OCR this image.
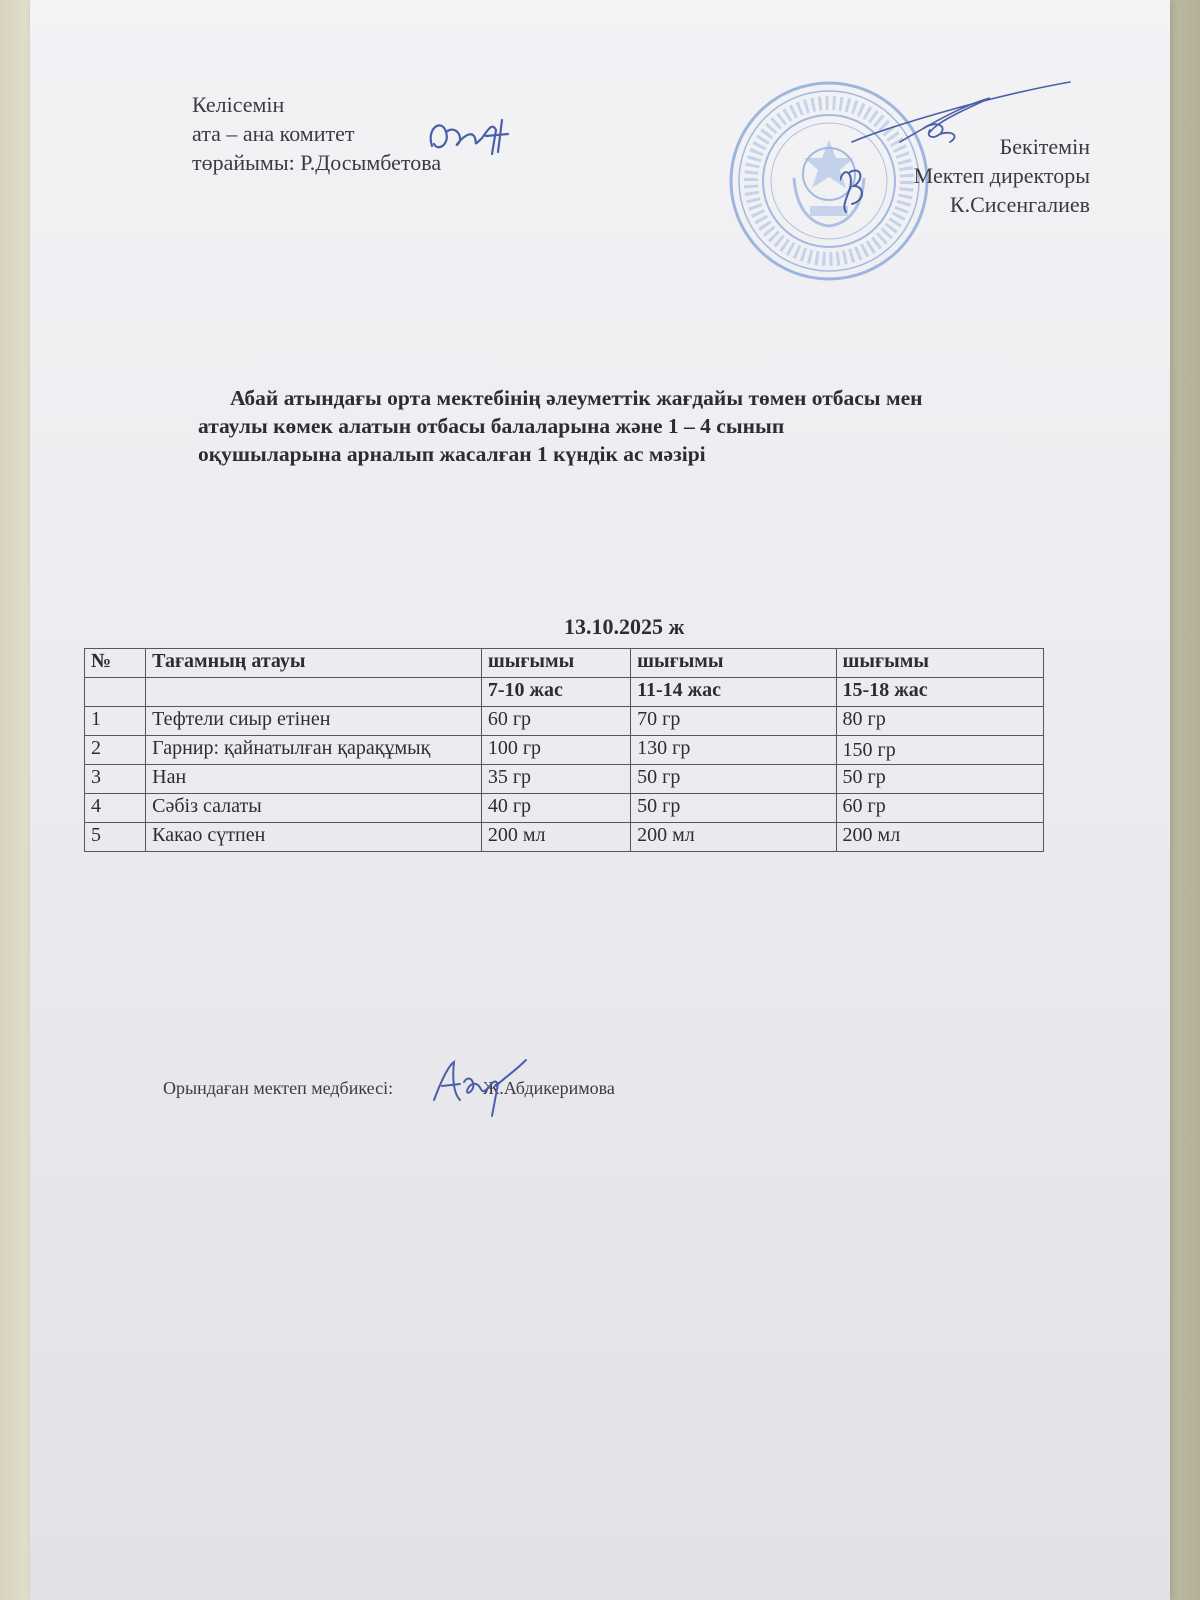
Келісемін
ата – ана комитет
төрайымы: Р.Досымбетова
Бекітемін
Мектеп директоры
К.Сисенгалиев
Абай атындағы орта мектебінің әлеуметтік жағдайы төмен отбасы мен
атаулы көмек алатын отбасы балаларына және 1 – 4 сынып
оқушыларына арналып жасалған 1 күндік ас мәзірі
13.10.2025 ж
№	Тағамның атауы	шығымы	шығымы	шығымы
		7-10 жас	11-14 жас	15-18 жас
1	Тефтели сиыр етінен	60 гр	70 гр	80 гр
2	Гарнир: қайнатылған қарақұмық	100 гр	130 гр	150 гр
3	Нан	35 гр	50 гр	50 гр
4	Сәбіз салаты	40 гр	50 гр	60 гр
5	Какао сүтпен	200 мл	200 мл	200 мл
Орындаған мектеп медбикесі:	Ж.Абдикеримова
